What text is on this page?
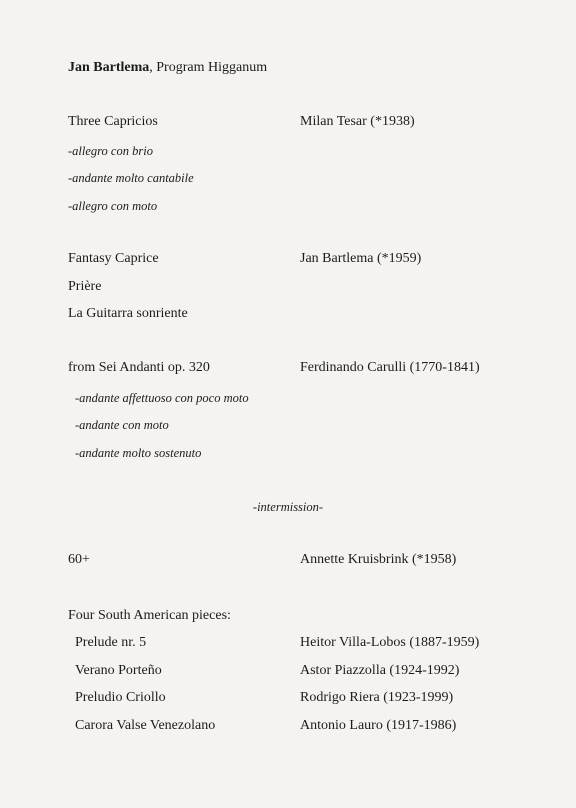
Jan Bartlema, Program Higganum
Three Capricios	Milan Tesar (*1938)
-allegro con brio
-andante molto cantabile
-allegro con moto
Fantasy Caprice	Jan Bartlema (*1959)
Prière
La Guitarra sonriente
from Sei Andanti op. 320	Ferdinando Carulli (1770-1841)
-andante affettuoso con poco moto
-andante con moto
-andante molto sostenuto
-intermission-
60+	Annette Kruisbrink (*1958)
Four South American pieces:
Prelude nr. 5	Heitor Villa-Lobos (1887-1959)
Verano Porteño	Astor Piazzolla (1924-1992)
Preludio Criollo	Rodrigo Riera (1923-1999)
Carora Valse Venezolano	Antonio Lauro (1917-1986)
